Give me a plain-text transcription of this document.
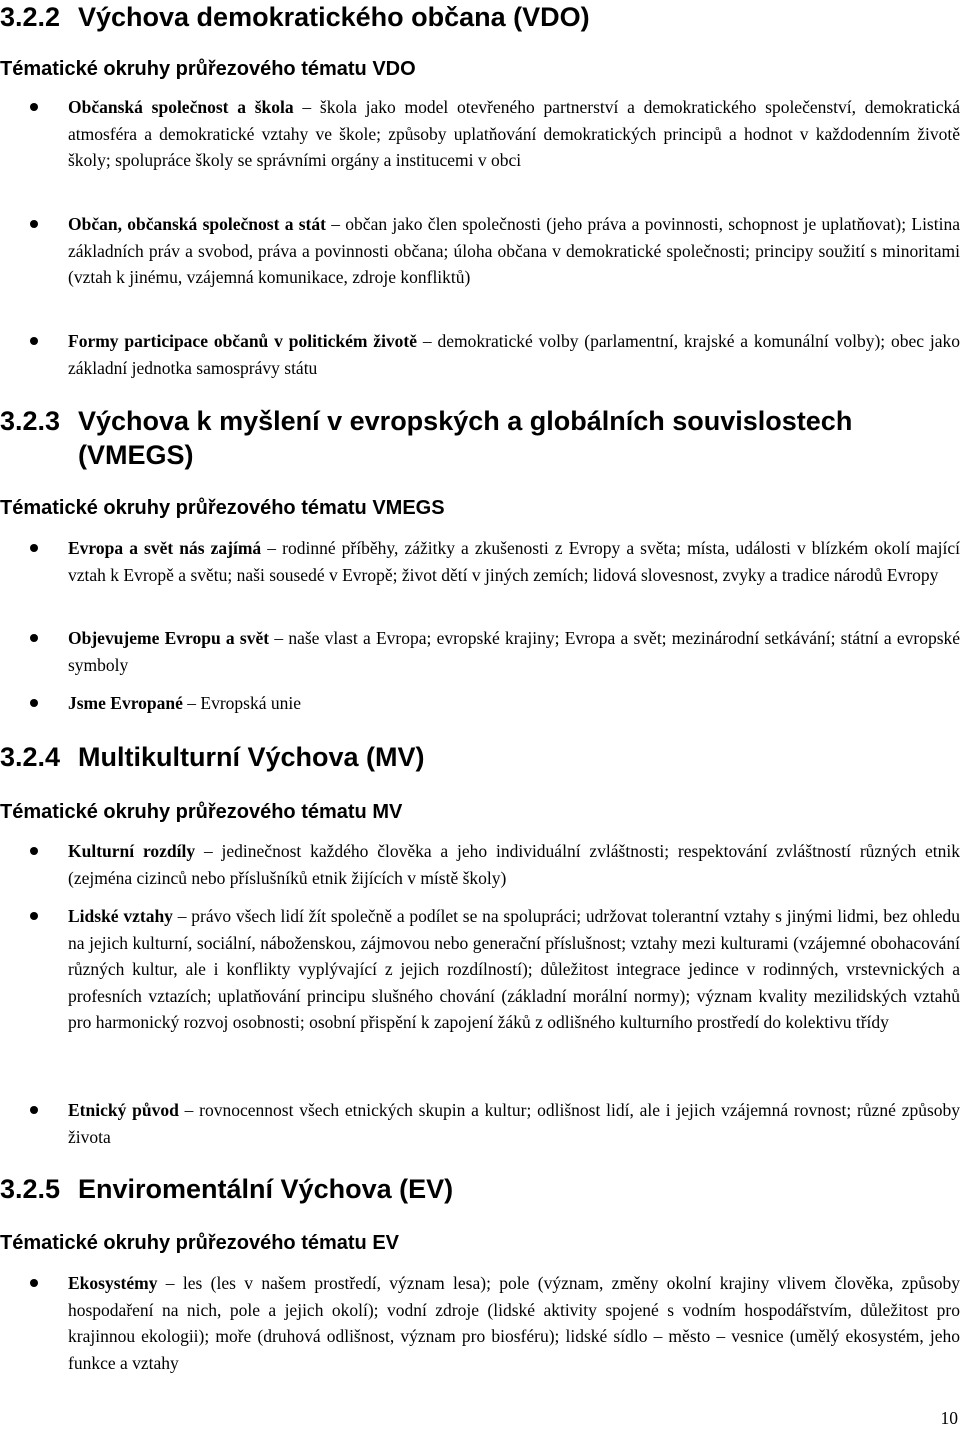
3.2.2 Výchova demokratického občana (VDO)
Tématické okruhy průřezového tématu VDO
Občanská společnost a škola – škola jako model otevřeného partnerství a demokratického společenství, demokratická atmosféra a demokratické vztahy ve škole; způsoby uplatňování demokratických principů a hodnot v každodenním životě školy; spolupráce školy se správními orgány a institucemi v obci
Občan, občanská společnost a stát – občan jako člen společnosti (jeho práva a povinnosti, schopnost je uplatňovat); Listina základních práv a svobod, práva a povinnosti občana; úloha občana v demokratické společnosti; principy soužití s minoritami (vztah k jinému, vzájemná komunikace, zdroje konfliktů)
Formy participace občanů v politickém životě – demokratické volby (parlamentní, krajské a komunální volby); obec jako základní jednotka samosprávy státu
3.2.3 Výchova k myšlení v evropských a globálních souvislostech (VMEGS)
Tématické okruhy průřezového tématu VMEGS
Evropa a svět nás zajímá – rodinné příběhy, zážitky a zkušenosti z Evropy a světa; místa, události v blízkém okolí mající vztah k Evropě a světu; naši sousedé v Evropě; život dětí v jiných zemích; lidová slovesnost, zvyky a tradice národů Evropy
Objevujeme Evropu a svět – naše vlast a Evropa; evropské krajiny; Evropa a svět; mezinárodní setkávání; státní a evropské symboly
Jsme Evropané – Evropská unie
3.2.4 Multikulturní Výchova (MV)
Tématické okruhy průřezového tématu MV
Kulturní rozdíly – jedinečnost každého člověka a jeho individuální zvláštnosti; respektování zvláštností různých etnik (zejména cizinců nebo příslušníků etnik žijících v místě školy)
Lidské vztahy – právo všech lidí žít společně a podílet se na spolupráci; udržovat tolerantní vztahy s jinými lidmi, bez ohledu na jejich kulturní, sociální, náboženskou, zájmovou nebo generační příslušnost; vztahy mezi kulturami (vzájemné obohacování různých kultur, ale i konflikty vyplývající z jejich rozdílností); důležitost integrace jedince v rodinných, vrstevnických a profesních vztazích; uplatňování principu slušného chování (základní morální normy); význam kvality mezilidských vztahů pro harmonický rozvoj osobnosti; osobní přispění k zapojení žáků z odlišného kulturního prostředí do kolektivu třídy
Etnický původ – rovnocennost všech etnických skupin a kultur; odlišnost lidí, ale i jejich vzájemná rovnost; různé způsoby života
3.2.5 Enviromentální Výchova (EV)
Tématické okruhy průřezového tématu EV
Ekosystémy – les (les v našem prostředí, význam lesa); pole (význam, změny okolní krajiny vlivem člověka, způsoby hospodaření na nich, pole a jejich okolí); vodní zdroje (lidské aktivity spojené s vodním hospodářstvím, důležitost pro krajinnou ekologii); moře (druhová odlišnost, význam pro biosféru); lidské sídlo – město – vesnice (umělý ekosystém, jeho funkce a vztahy
10
